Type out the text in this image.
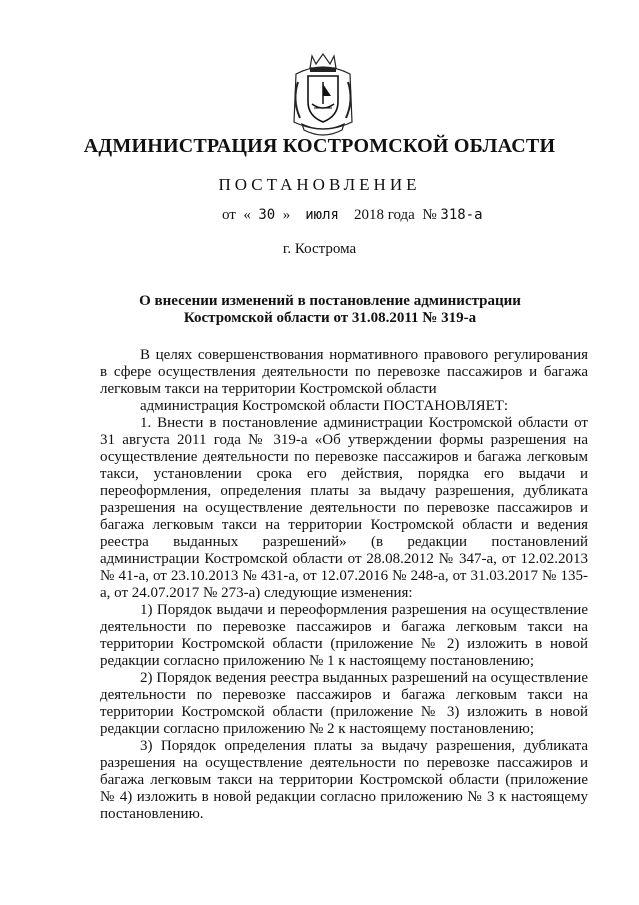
АДМИНИСТРАЦИЯ КОСТРОМСКОЙ ОБЛАСТИ
ПОСТАНОВЛЕНИЕ
от « 30 » июля 2018 года № 318-а
г. Кострома
О внесении изменений в постановление администрации
Костромской области от 31.08.2011 № 319-а

В целях совершенствования нормативного правового регулирования в сфере осуществления деятельности по перевозке пассажиров и багажа легковым такси на территории Костромской области

администрация Костромской области ПОСТАНОВЛЯЕТ:

1. Внести в постановление администрации Костромской области от 31 августа 2011 года № 319-а «Об утверждении формы разрешения на осуществление деятельности по перевозке пассажиров и багажа легковым такси, установлении срока его действия, порядка его выдачи и переоформления, определения платы за выдачу разрешения, дубликата разрешения на осуществление деятельности по перевозке пассажиров и багажа легковым такси на территории Костромской области и ведения реестра выданных разрешений» (в редакции постановлений администрации Костромской области от 28.08.2012 № 347-а, от 12.02.2013 № 41-а, от 23.10.2013 № 431-а, от 12.07.2016 № 248-а, от 31.03.2017 № 135-а, от 24.07.2017 № 273-а) следующие изменения:

1) Порядок выдачи и переоформления разрешения на осуществление деятельности по перевозке пассажиров и багажа легковым такси на территории Костромской области (приложение № 2) изложить в новой редакции согласно приложению № 1 к настоящему постановлению;

2) Порядок ведения реестра выданных разрешений на осуществление деятельности по перевозке пассажиров и багажа легковым такси на территории Костромской области (приложение № 3) изложить в новой редакции согласно приложению № 2 к настоящему постановлению;

3) Порядок определения платы за выдачу разрешения, дубликата разрешения на осуществление деятельности по перевозке пассажиров и багажа легковым такси на территории Костромской области (приложение № 4) изложить в новой редакции согласно приложению № 3 к настоящему постановлению.
